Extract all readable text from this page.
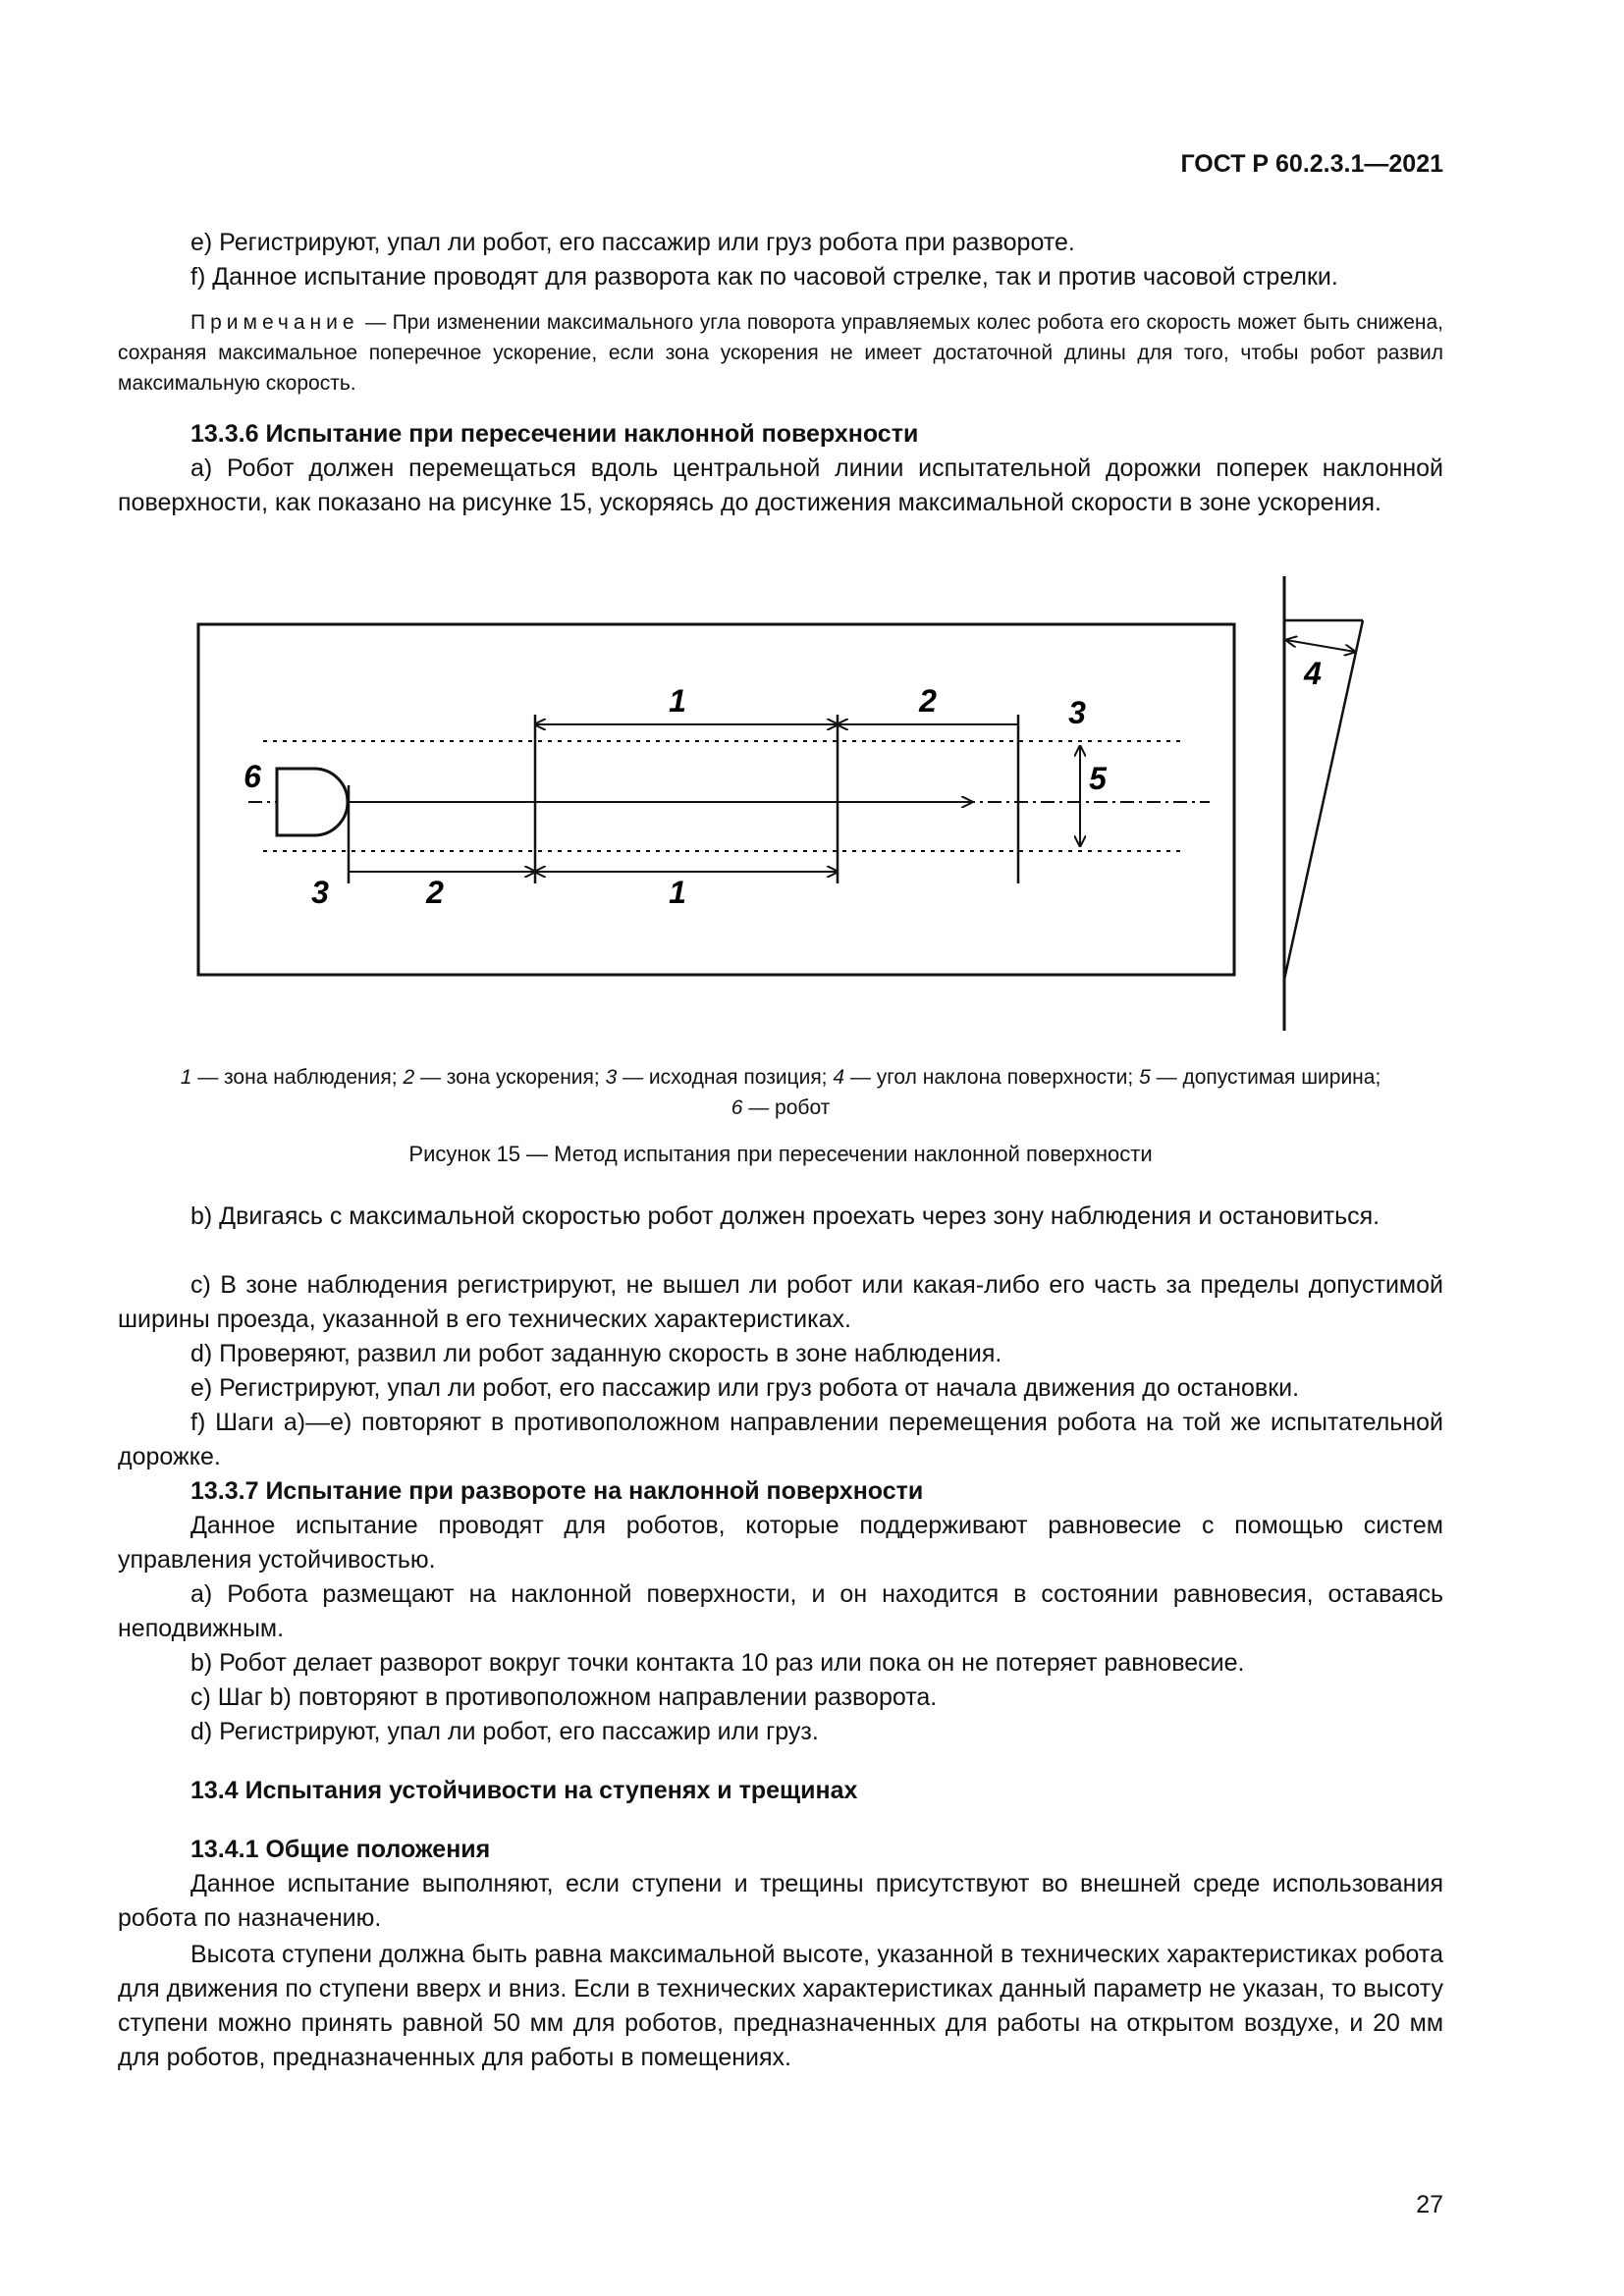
ГОСТ Р 60.2.3.1—2021
e) Регистрируют, упал ли робот, его пассажир или груз робота при развороте.
f) Данное испытание проводят для разворота как по часовой стрелке, так и против часовой стрелки.
Примечание — При изменении максимального угла поворота управляемых колес робота его скорость может быть снижена, сохраняя максимальное поперечное ускорение, если зона ускорения не имеет достаточной длины для того, чтобы робот развил максимальную скорость.
13.3.6 Испытание при пересечении наклонной поверхности
а) Робот должен перемещаться вдоль центральной линии испытательной дорожки поперек наклонной поверхности, как показано на рисунке 15, ускоряясь до достижения максимальной скорости в зоне ускорения.
1	2	3
4
5
6
3	2	1
1 — зона наблюдения; 2 — зона ускорения; 3 — исходная позиция; 4 — угол наклона поверхности; 5 — допустимая ширина;
6 — робот
Рисунок 15 — Метод испытания при пересечении наклонной поверхности
b) Двигаясь с максимальной скоростью робот должен проехать через зону наблюдения и остановиться.
c) В зоне наблюдения регистрируют, не вышел ли робот или какая-либо его часть за пределы допустимой ширины проезда, указанной в его технических характеристиках.
d) Проверяют, развил ли робот заданную скорость в зоне наблюдения.
e) Регистрируют, упал ли робот, его пассажир или груз робота от начала движения до остановки.
f) Шаги а)—e) повторяют в противоположном направлении перемещения робота на той же испытательной дорожке.
13.3.7 Испытание при развороте на наклонной поверхности
Данное испытание проводят для роботов, которые поддерживают равновесие с помощью систем управления устойчивостью.
а) Робота размещают на наклонной поверхности, и он находится в состоянии равновесия, оставаясь неподвижным.
b) Робот делает разворот вокруг точки контакта 10 раз или пока он не потеряет равновесие.
c) Шаг b) повторяют в противоположном направлении разворота.
d) Регистрируют, упал ли робот, его пассажир или груз.
13.4 Испытания устойчивости на ступенях и трещинах
13.4.1 Общие положения
Данное испытание выполняют, если ступени и трещины присутствуют во внешней среде использования робота по назначению.
Высота ступени должна быть равна максимальной высоте, указанной в технических характеристиках робота для движения по ступени вверх и вниз. Если в технических характеристиках данный параметр не указан, то высоту ступени можно принять равной 50 мм для роботов, предназначенных для работы на открытом воздухе, и 20 мм для роботов, предназначенных для работы в помещениях.
27
